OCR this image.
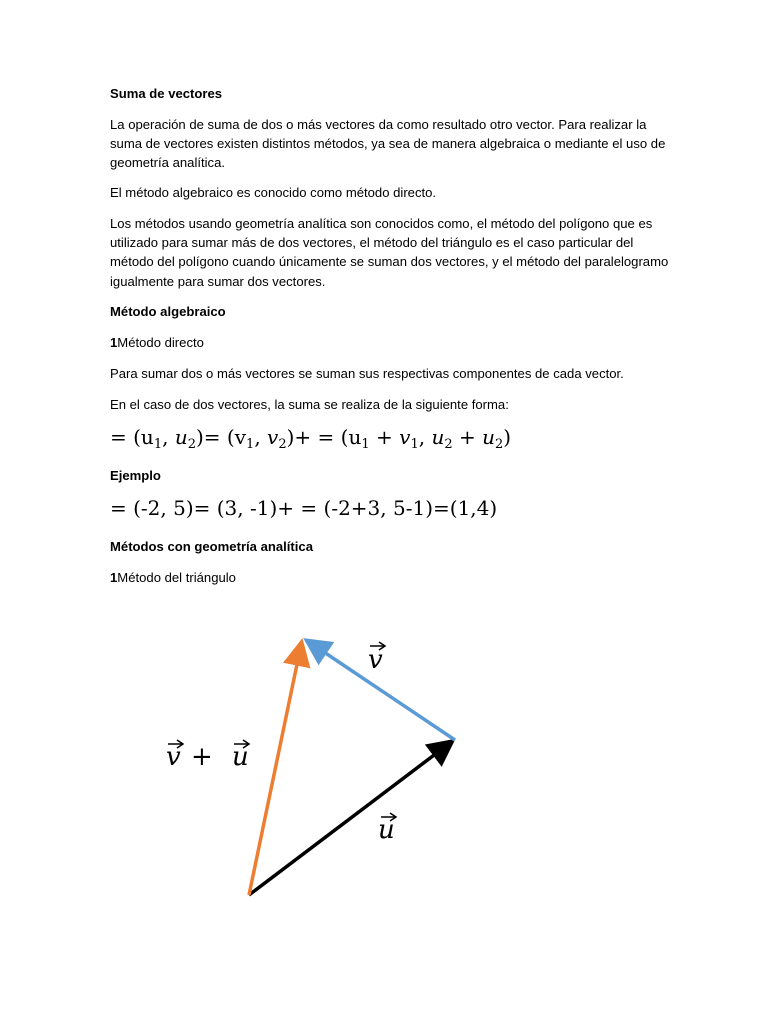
Suma de vectores

La operación de suma de dos o más vectores da como resultado otro vector. Para realizar la suma de vectores existen distintos métodos, ya sea de manera algebraica o mediante el uso de geometría analítica.

El método algebraico es conocido como método directo.

Los métodos usando geometría analítica son conocidos como, el método del polígono que es utilizado para sumar más de dos vectores, el método del triángulo es el caso particular del método del polígono cuando únicamente se suman dos vectores, y el método del paralelogramo igualmente para sumar dos vectores.

Método algebraico

1Método directo

Para sumar dos o más vectores se suman sus respectivas componentes de cada vector.

En el caso de dos vectores, la suma se realiza de la siguiente forma:

= ($u_1$, $u_2)= (v_1$, $v_2)+ = (u_1 + v_1$, $u_2 + u_2$)

Ejemplo

= (-2, 5)= (3, -1)+ = (-2+3, 5-1)=(1,4)

Métodos con geometría analítica

1Método del triángulo

v
v + u
u
